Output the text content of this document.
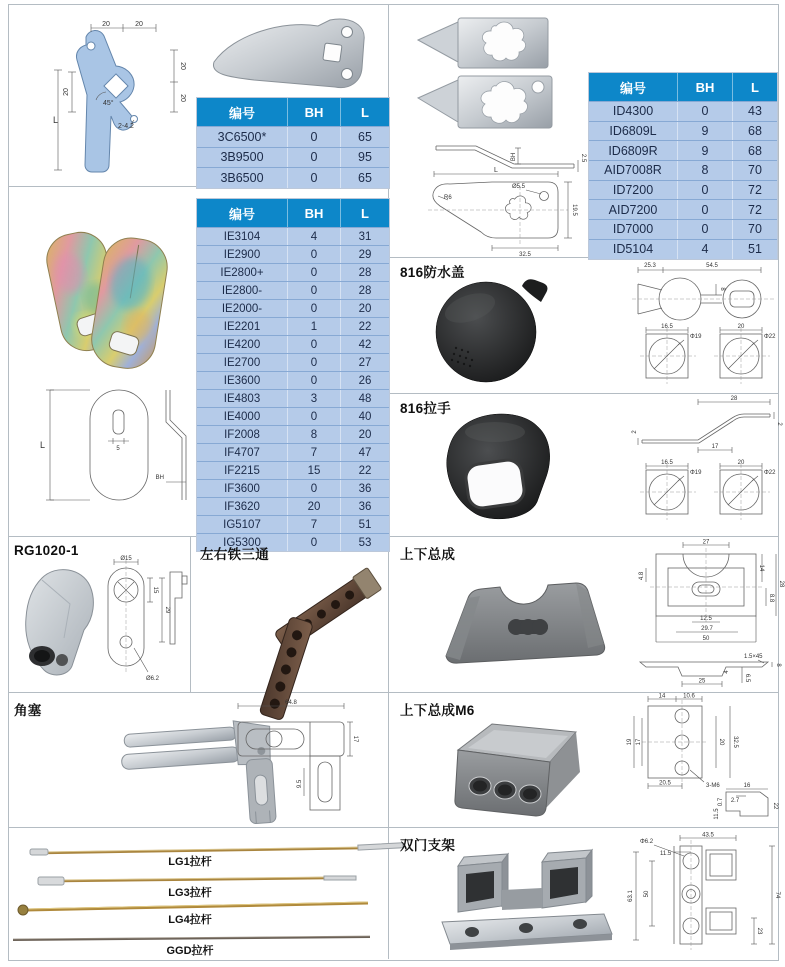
20	20
20
20
20
L
45°
2-4.2
编号	BH	L
3C6500*	0	65
3B9500	0	95
3B6500	0	65
BH	2.5
L
Ø5.5
R6
19.5
32.5
编号	BH	L
ID4300	0	43
ID6809L	9	68
ID6809R	9	68
AID7008R	8	70
ID7200	0	72
AID7200	0	72
ID7000	0	70
ID5104	4	51
5
L
BH
编号	BH	L
IE3104	4	31
IE2900	0	29
IE2800+	0	28
IE2800-	0	28
IE2000-	0	20
IE2201	1	22
IE4200	0	42
IE2700	0	27
IE3600	0	26
IE4803	3	48
IE4000	0	40
IF2008	8	20
IF4707	7	47
IF2215	15	22
IF3600	0	36
IF3620	20	36
IG5107	7	51
IG5300	0	53
816防水盖	25.3	54.5
8
16.5
Φ19
20
Φ22
816拉手
28
2
17
2
16.5
Φ19
20
Φ22
RG1020-1
Ø15
15
29
Ø6.2
左右铁三通	上下总成
27
4.8
14
28
8.8
12.5
29.7
50
1.5×45
4
8
6.5
25
角塞	64.8
17
9.5
上下总成M6
14	10.6
19 17	20 32.5
20.5	3-M6	16
2.7
0.7
11.5
22
LG1拉杆
LG3拉杆
LG4拉杆
GGD拉杆
双门支架	Φ6.2
43.5
11.5
63.1 50	74
23
